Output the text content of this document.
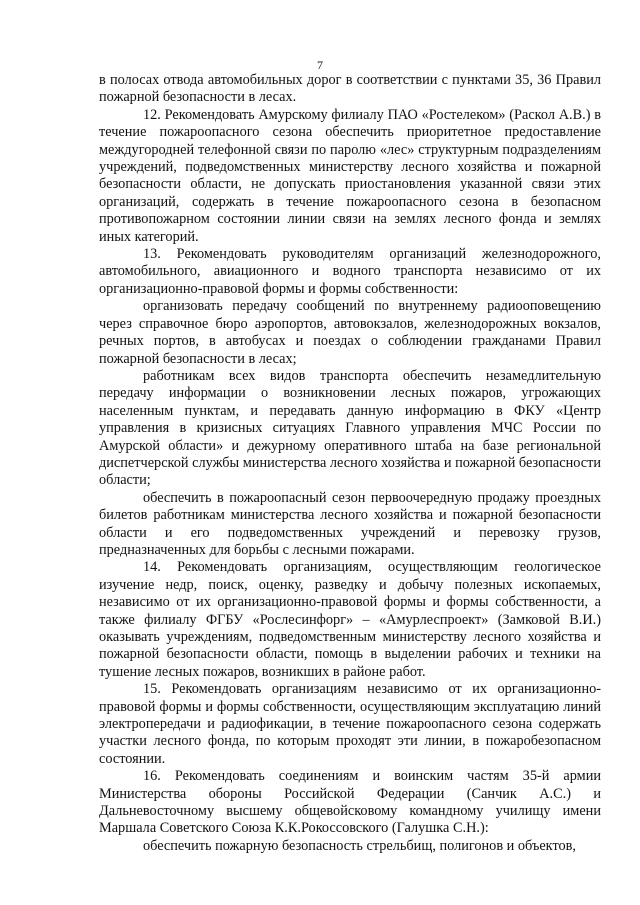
7

в полосах отвода автомобильных дорог в соответствии с пунктами 35, 36 Правил пожарной безопасности в лесах.

12. Рекомендовать Амурскому филиалу ПАО «Ростелеком» (Раскол А.В.) в течение пожароопасного сезона обеспечить приоритетное предоставление междугородней телефонной связи по паролю «лес» структурным подразделениям учреждений, подведомственных министерству лесного хозяйства и пожарной безопасности области, не допускать приостановления указанной связи этих организаций, содержать в течение пожароопасного сезона в безопасном противопожарном состоянии линии связи на землях лесного фонда и землях иных категорий.

13. Рекомендовать руководителям организаций железнодорожного, автомобильного, авиационного и водного транспорта независимо от их организационно-правовой формы и формы собственности:

организовать передачу сообщений по внутреннему радиооповещению через справочное бюро аэропортов, автовокзалов, железнодорожных вокзалов, речных портов, в автобусах и поездах о соблюдении гражданами Правил пожарной безопасности в лесах;

работникам всех видов транспорта обеспечить незамедлительную передачу информации о возникновении лесных пожаров, угрожающих населенным пунктам, и передавать данную информацию в ФКУ «Центр управления в кризисных ситуациях Главного управления МЧС России по Амурской области» и дежурному оперативного штаба на базе региональной диспетчерской службы министерства лесного хозяйства и пожарной безопасности области;

обеспечить в пожароопасный сезон первоочередную продажу проездных билетов работникам министерства лесного хозяйства и пожарной безопасности области и его подведомственных учреждений и перевозку грузов, предназначенных для борьбы с лесными пожарами.

14. Рекомендовать организациям, осуществляющим геологическое изучение недр, поиск, оценку, разведку и добычу полезных ископаемых, независимо от их организационно-правовой формы и формы собственности, а также филиалу ФГБУ «Рослесинфорг» – «Амурлеспроект» (Замковой В.И.) оказывать учреждениям, подведомственным министерству лесного хозяйства и пожарной безопасности области, помощь в выделении рабочих и техники на тушение лесных пожаров, возникших в районе работ.

15. Рекомендовать организациям независимо от их организационно-правовой формы и формы собственности, осуществляющим эксплуатацию линий электропередачи и радиофикации, в течение пожароопасного сезона содержать участки лесного фонда, по которым проходят эти линии, в пожаробезопасном состоянии.

16. Рекомендовать соединениям и воинским частям 35-й армии Министерства обороны Российской Федерации (Санчик А.С.) и Дальневосточному высшему общевойсковому командному училищу имени Маршала Советского Союза К.К.Рокоссовского (Галушка С.Н.):

обеспечить пожарную безопасность стрельбищ, полигонов и объектов,
